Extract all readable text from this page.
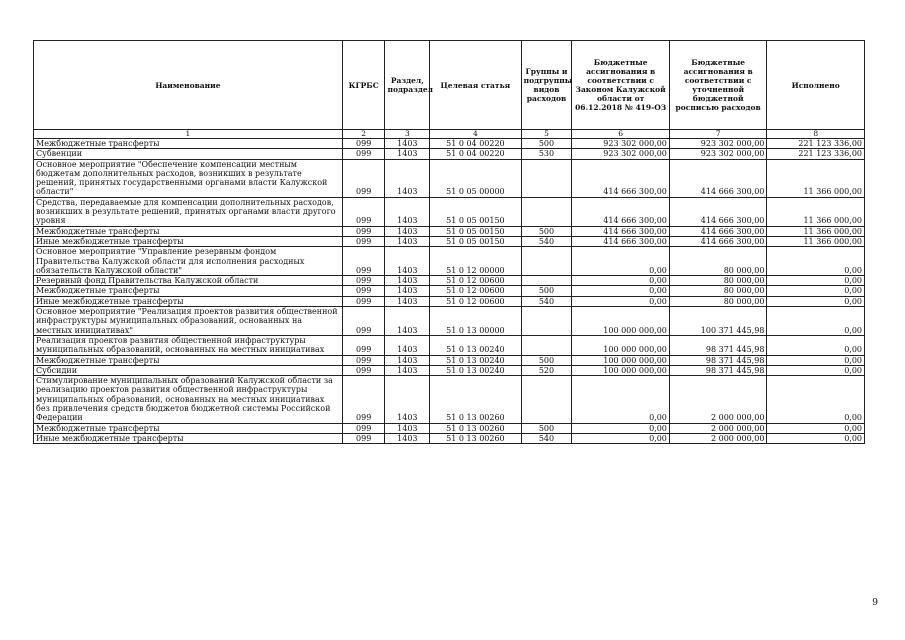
Наименование	КГРБС	Раздел, подраздел	Целевая статья	Группы и подгруппы видов расходов	Бюджетные ассигнования в соответствии с Законом Калужской области от 06.12.2018 № 419-ОЗ	Бюджетные ассигнования в соответствии с уточненной бюджетной росписью расходов	Исполнено
1	2	3	4	5	6	7	8
Межбюджетные трансферты	099	1403	51 0 04 00220	500	923 302 000,00	923 302 000,00	221 123 336,00
Субвенции	099	1403	51 0 04 00220	530	923 302 000,00	923 302 000,00	221 123 336,00
Основное мероприятие "Обеспечение компенсации местным бюджетам дополнительных расходов, возникших в результате решений, принятых государственными органами власти Калужской области"	099	1403	51 0 05 00000		414 666 300,00	414 666 300,00	11 366 000,00
Средства, передаваемые для компенсации дополнительных расходов, возникших в результате решений, принятых органами власти другого уровня	099	1403	51 0 05 00150		414 666 300,00	414 666 300,00	11 366 000,00
Межбюджетные трансферты	099	1403	51 0 05 00150	500	414 666 300,00	414 666 300,00	11 366 000,00
Иные межбюджетные трансферты	099	1403	51 0 05 00150	540	414 666 300,00	414 666 300,00	11 366 000,00
Основное мероприятие "Управление резервным фондом Правительства Калужской области для исполнения расходных обязательств Калужской области"	099	1403	51 0 12 00000		0,00	80 000,00	0,00
Резервный фонд Правительства Калужской области	099	1403	51 0 12 00600		0,00	80 000,00	0,00
Межбюджетные трансферты	099	1403	51 0 12 00600	500	0,00	80 000,00	0,00
Иные межбюджетные трансферты	099	1403	51 0 12 00600	540	0,00	80 000,00	0,00
Основное мероприятие "Реализация проектов развития общественной инфраструктуры муниципальных образований, основанных на местных инициативах"	099	1403	51 0 13 00000		100 000 000,00	100 371 445,98	0,00
Реализация проектов развития общественной инфраструктуры муниципальных образований, основанных на местных инициативах	099	1403	51 0 13 00240		100 000 000,00	98 371 445,98	0,00
Межбюджетные трансферты	099	1403	51 0 13 00240	500	100 000 000,00	98 371 445,98	0,00
Субсидии	099	1403	51 0 13 00240	520	100 000 000,00	98 371 445,98	0,00
Стимулирование муниципальных образований Калужской области за реализацию проектов развития общественной инфраструктуры муниципальных образований, основанных на местных инициативах без привлечения средств бюджетов бюджетной системы Российской Федерации	099	1403	51 0 13 00260		0,00	2 000 000,00	0,00
Межбюджетные трансферты	099	1403	51 0 13 00260	500	0,00	2 000 000,00	0,00
Иные межбюджетные трансферты	099	1403	51 0 13 00260	540	0,00	2 000 000,00	0,00
9
